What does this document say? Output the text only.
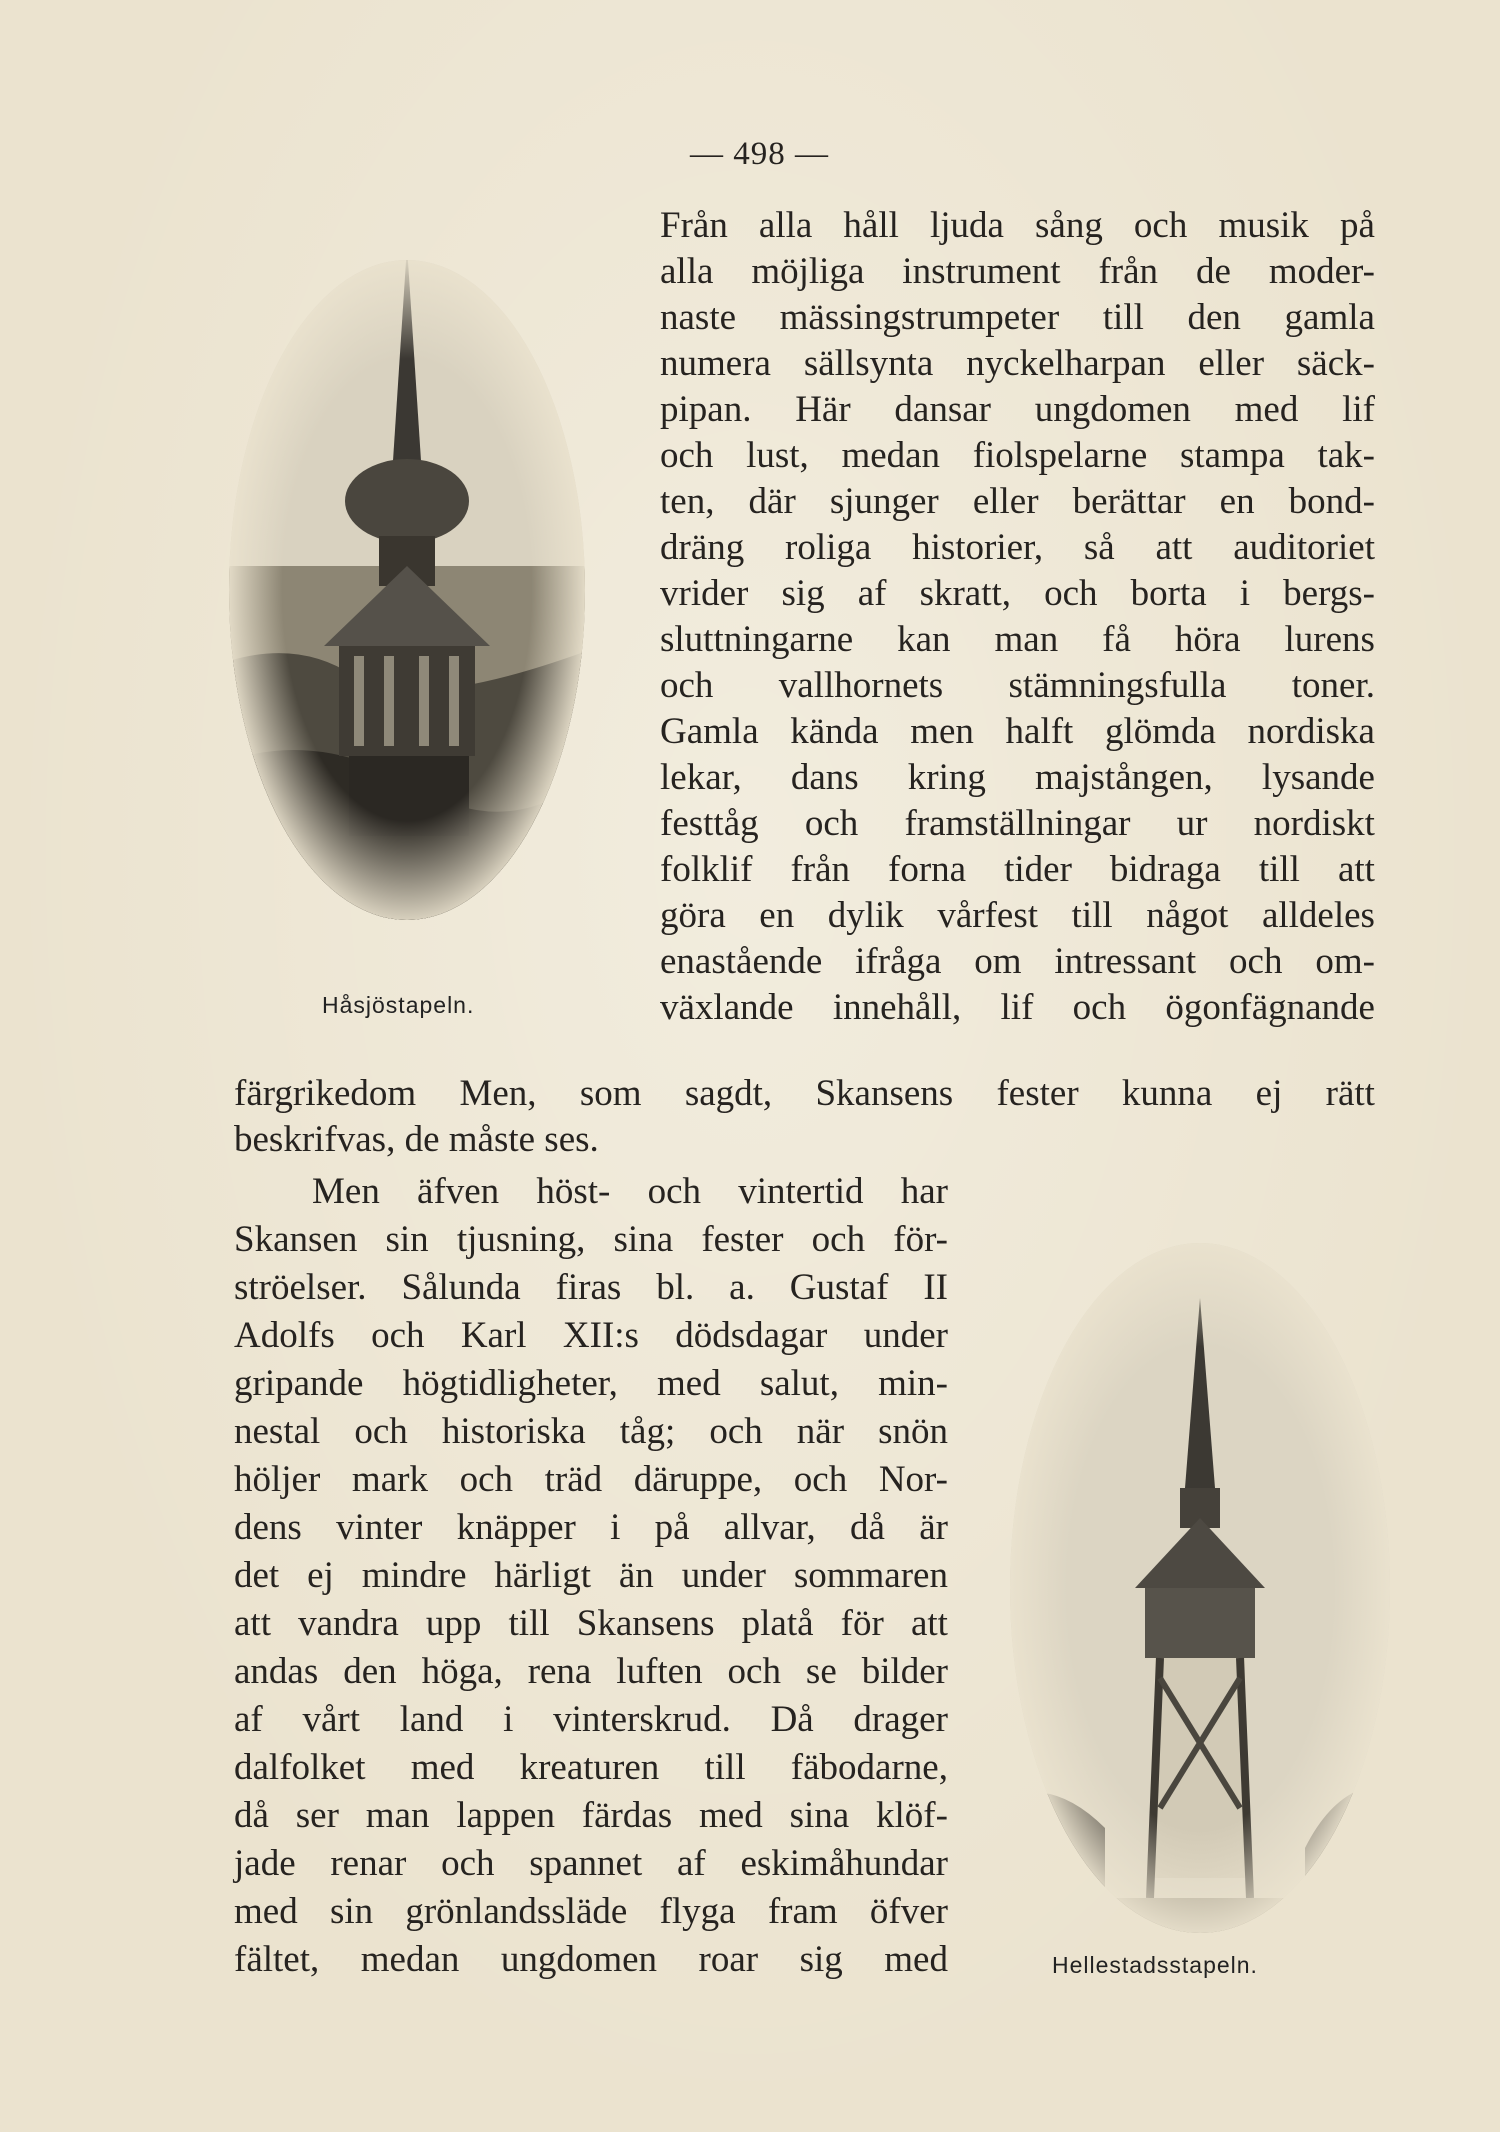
— 498 —
Håsjöstapeln.
Hellestadsstapeln.
Från alla håll ljuda sång och musik på
alla möjliga instrument från de moder-
naste mässingstrumpeter till den gamla
numera sällsynta nyckelharpan eller säck-
pipan. Här dansar ungdomen med lif
och lust, medan fiolspelarne stampa tak-
ten, där sjunger eller berättar en bond-
dräng roliga historier, så att auditoriet
vrider sig af skratt, och borta i bergs-
sluttningarne kan man få höra lurens
och vallhornets stämningsfulla toner.
Gamla kända men halft glömda nordiska
lekar, dans kring majstången, lysande
festtåg och framställningar ur nordiskt
folklif från forna tider bidraga till att
göra en dylik vårfest till något alldeles
enastående ifråga om intressant och om-
växlande innehåll, lif och ögonfägnande
färgrikedom Men, som sagdt, Skansens fester kunna ej rätt
beskrifvas, de måste ses.
Men äfven höst- och vintertid har
Skansen sin tjusning, sina fester och för-
ströelser. Sålunda firas bl. a. Gustaf II
Adolfs och Karl XII:s dödsdagar under
gripande högtidligheter, med salut, min-
nestal och historiska tåg; och när snön
höljer mark och träd däruppe, och Nor-
dens vinter knäpper i på allvar, då är
det ej mindre härligt än under sommaren
att vandra upp till Skansens platå för att
andas den höga, rena luften och se bilder
af vårt land i vinterskrud. Då drager
dalfolket med kreaturen till fäbodarne,
då ser man lappen färdas med sina klöf-
jade renar och spannet af eskimåhundar
med sin grönlandssläde flyga fram öfver
fältet, medan ungdomen roar sig med
